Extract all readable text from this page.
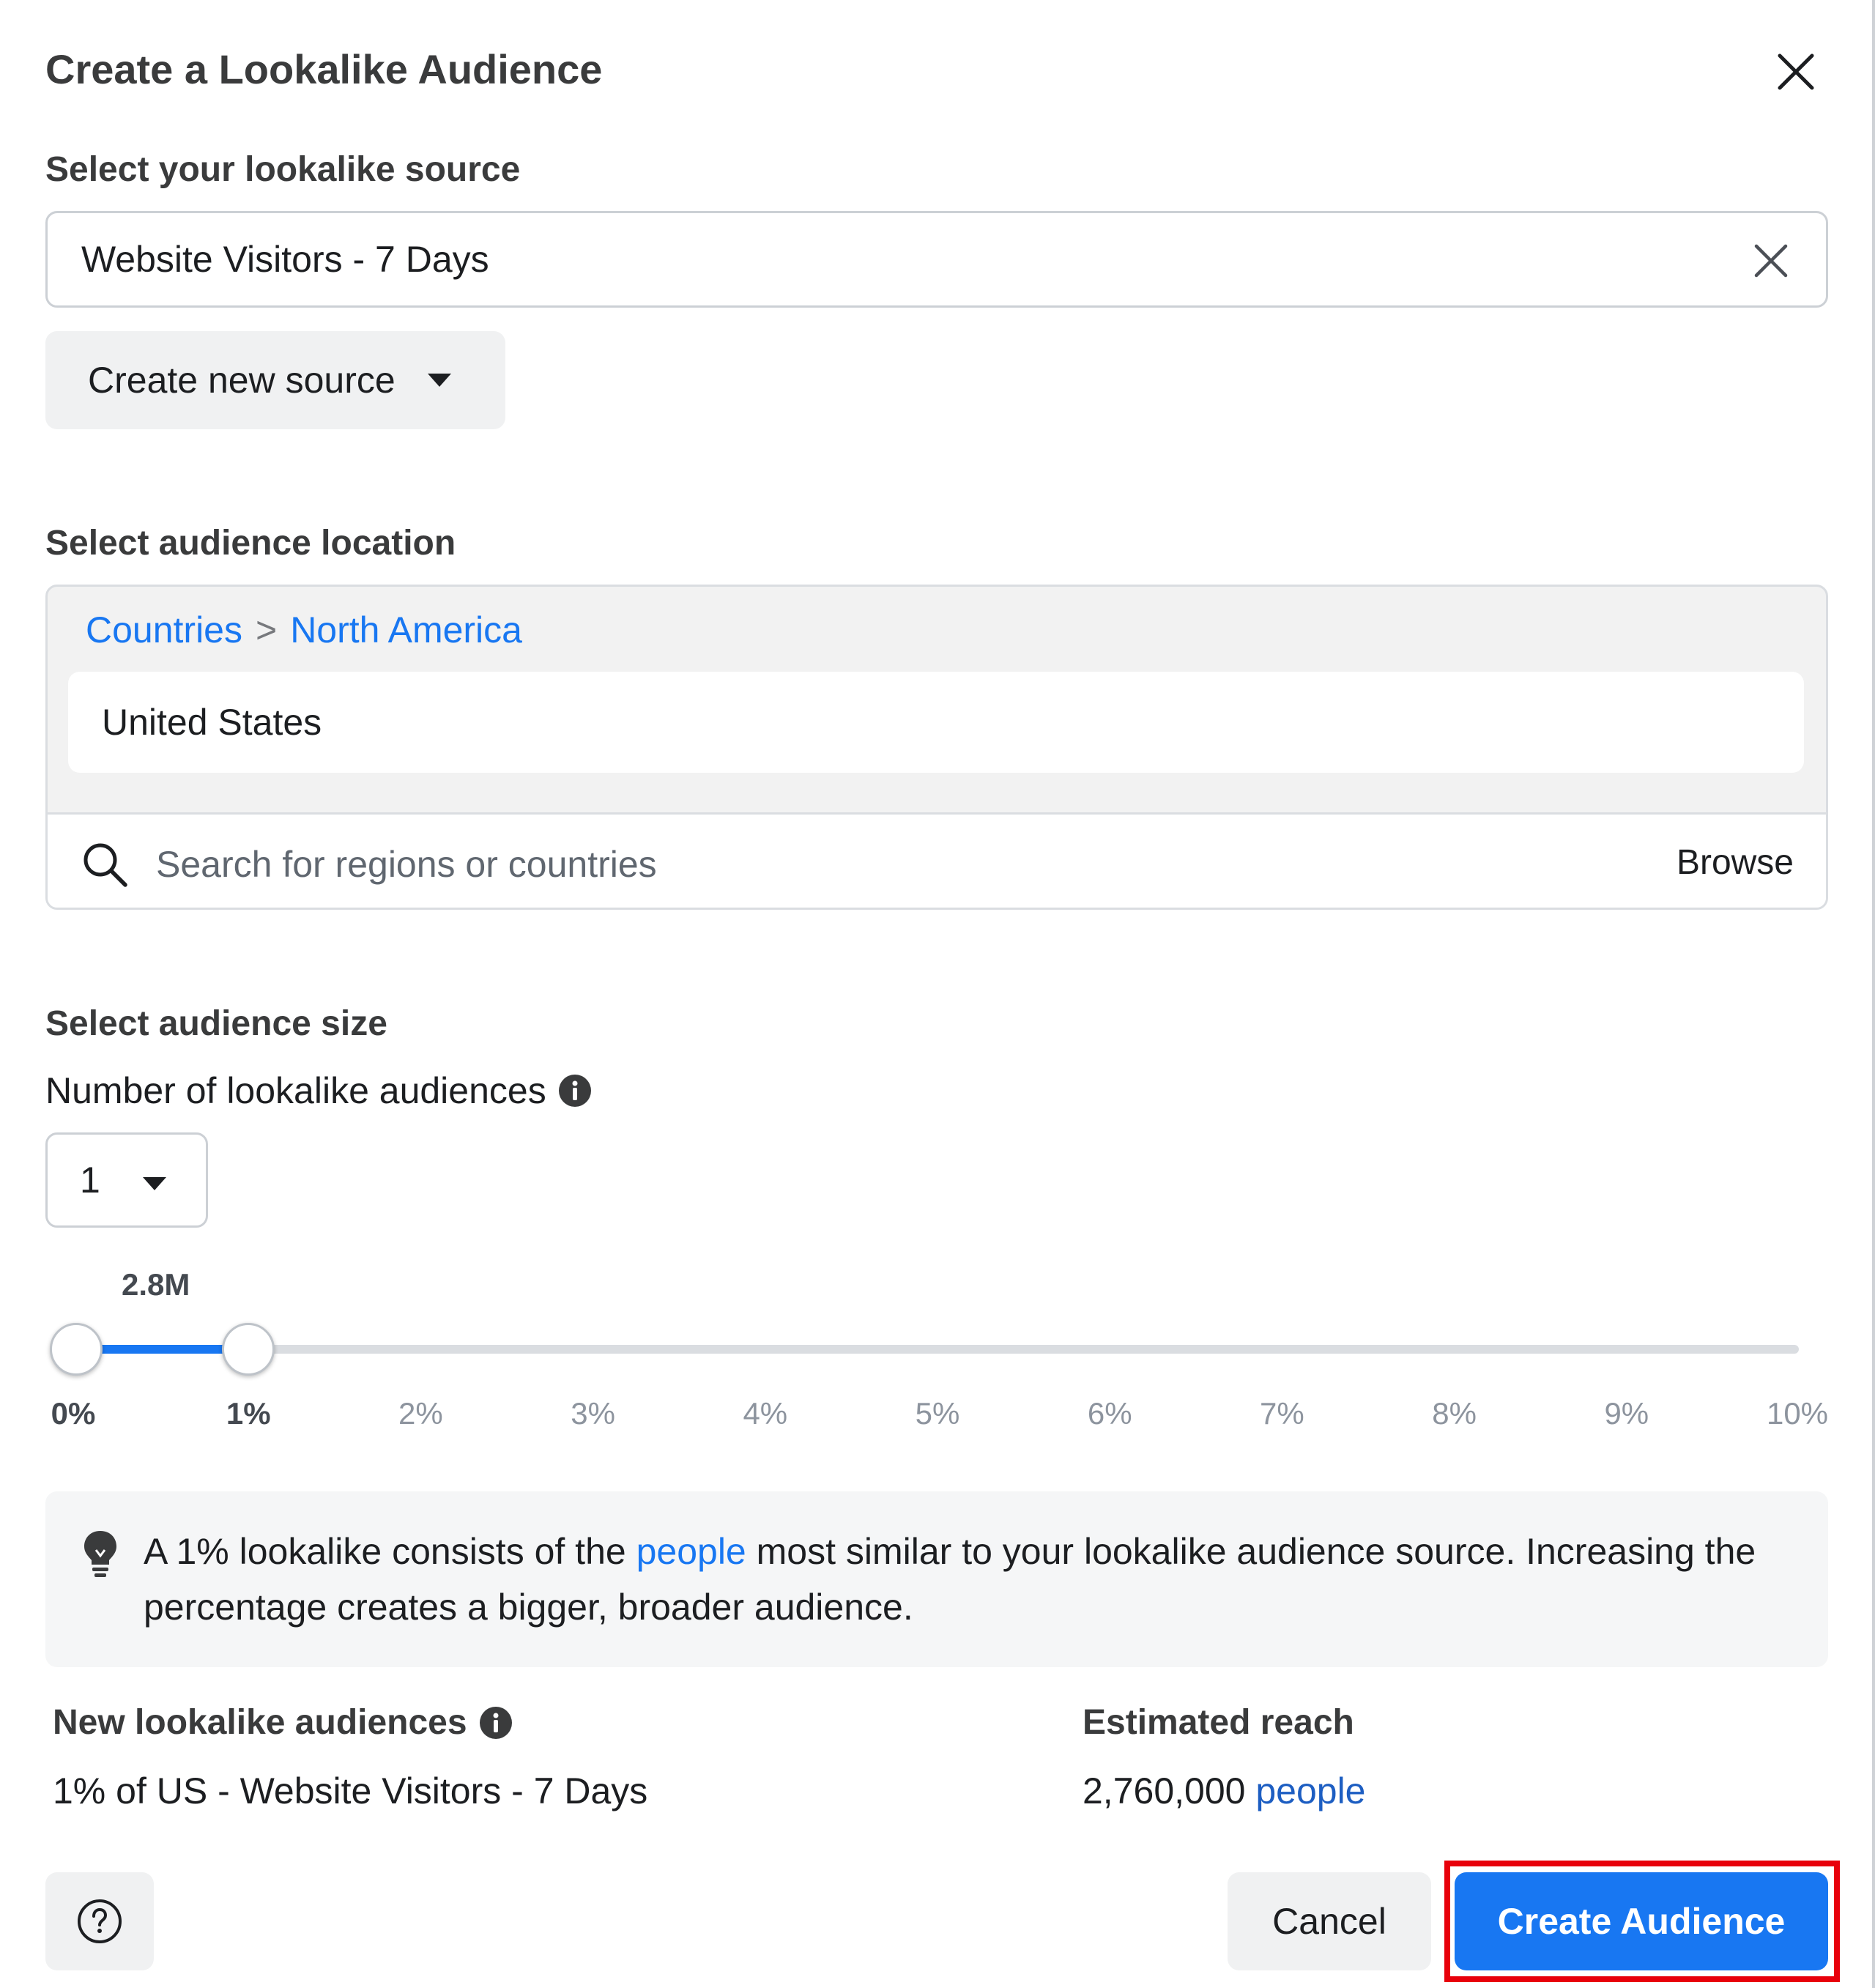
Create a Lookalike Audience
Select your lookalike source
Website Visitors - 7 Days
Create new source
Select audience location
Countries > North America
United States
Search for regions or countries
Browse
Select audience size
Number of lookalike audiences
1
2.8M
0%	1%	2%	3%	4%	5%	6%	7%	8%	9%	10%
A 1% lookalike consists of the people most similar to your lookalike audience source. Increasing the percentage creates a bigger, broader audience.
New lookalike audiences
1% of US - Website Visitors - 7 Days
Estimated reach
2,760,000 people
Cancel	Create Audience
